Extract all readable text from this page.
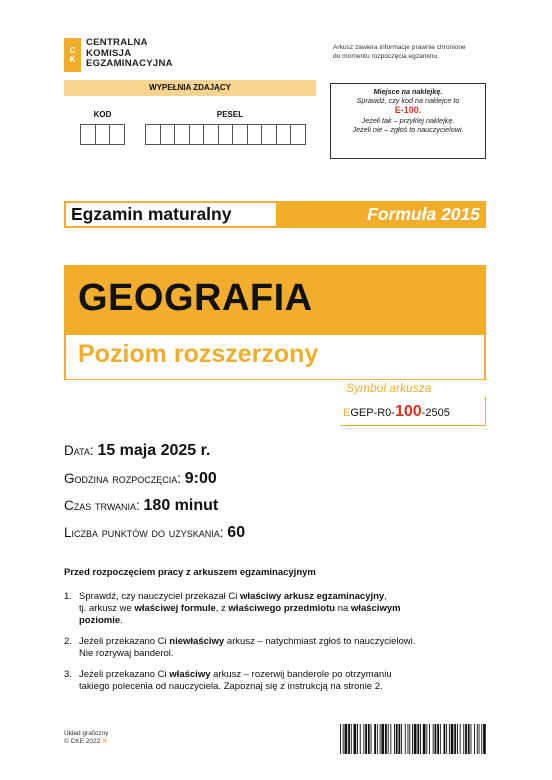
C
K
CENTRALNA
KOMISJA
EGZAMINACYJNA
Arkusz zawiera informacje prawnie chronione
do momentu rozpoczęcia egzaminu.
WYPEŁNIA ZDAJĄCY
KOD	PESEL
Miejsce na naklejkę.
Sprawdź, czy kod na naklejce to
E-100.
Jeżeli tak – przyklej naklejkę.
Jeżeli nie – zgłoś to nauczycielowi.
Egzamin maturalny	Formuła 2015
GEOGRAFIA
Poziom rozszerzony
Symbol arkusza
EGEP-R0-100-2505
Data: 15 maja 2025 r.
Godzina rozpoczęcia: 9:00
Czas trwania: 180 minut
Liczba punktów do uzyskania: 60
Przed rozpoczęciem pracy z arkuszem egzaminacyjnym
1. Sprawdź, czy nauczyciel przekazał Ci właściwy arkusz egzaminacyjny,
tj. arkusz we właściwej formule, z właściwego przedmiotu na właściwym
poziomie.
2. Jeżeli przekazano Ci niewłaściwy arkusz – natychmiast zgłoś to nauczycielowi.
Nie rozrywaj banderol.
3. Jeżeli przekazano Ci właściwy arkusz – rozerwij banderole po otrzymaniu
takiego polecenia od nauczyciela. Zapoznaj się z instrukcją na stronie 2.
Układ graficzny
© CKE 2022 ✕
